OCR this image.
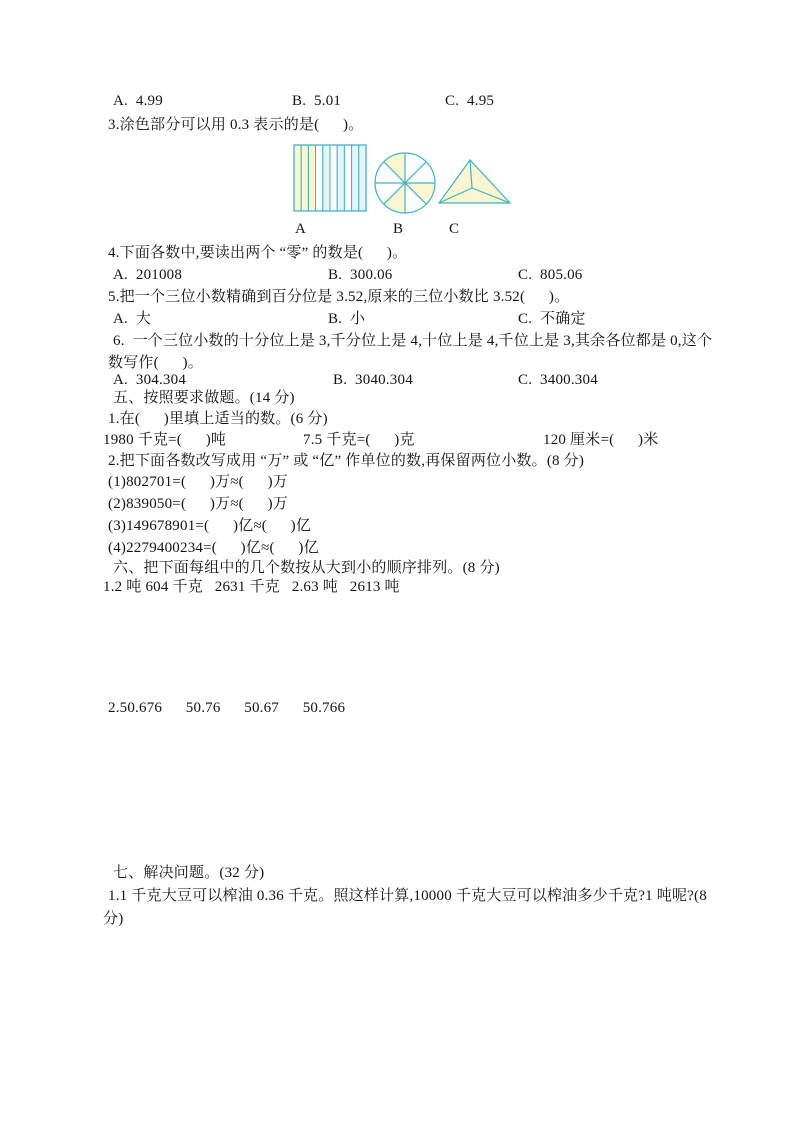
A.  4.99	B.  5.01	C.  4.95
3.涂色部分可以用 0.3 表示的是(      )。
A	B	C
4.下面各数中,要读出两个 “零” 的数是(      )。
A.  201008	B.  300.06	C.  805.06
5.把一个三位小数精确到百分位是 3.52,原来的三位小数比 3.52(      )。
A.  大	B.  小	C.  不确定
6.  一个三位小数的十分位上是 3,千分位上是 4,十位上是 4,千位上是 3,其余各位都是 0,这个
数写作(      )。
A.  304.304	B.  3040.304	C.  3400.304
五、按照要求做题。(14 分)
1.在(      )里填上适当的数。(6 分)
1980 千克=(      )吨	7.5 千克=(      )克	120 厘米=(      )米
2.把下面各数改写成用 “万” 或 “亿” 作单位的数,再保留两位小数。(8 分)
(1)802701=(      )万≈(      )万
(2)839050=(      )万≈(      )万
(3)149678901=(      )亿≈(      )亿
(4)2279400234=(      )亿≈(      )亿
六、把下面每组中的几个数按从大到小的顺序排列。(8 分)
1.2 吨 604 千克   2631 千克   2.63 吨   2613 吨
2.50.676      50.76      50.67      50.766
七、解决问题。(32 分)
1.1 千克大豆可以榨油 0.36 千克。照这样计算,10000 千克大豆可以榨油多少千克?1 吨呢?(8
分)
